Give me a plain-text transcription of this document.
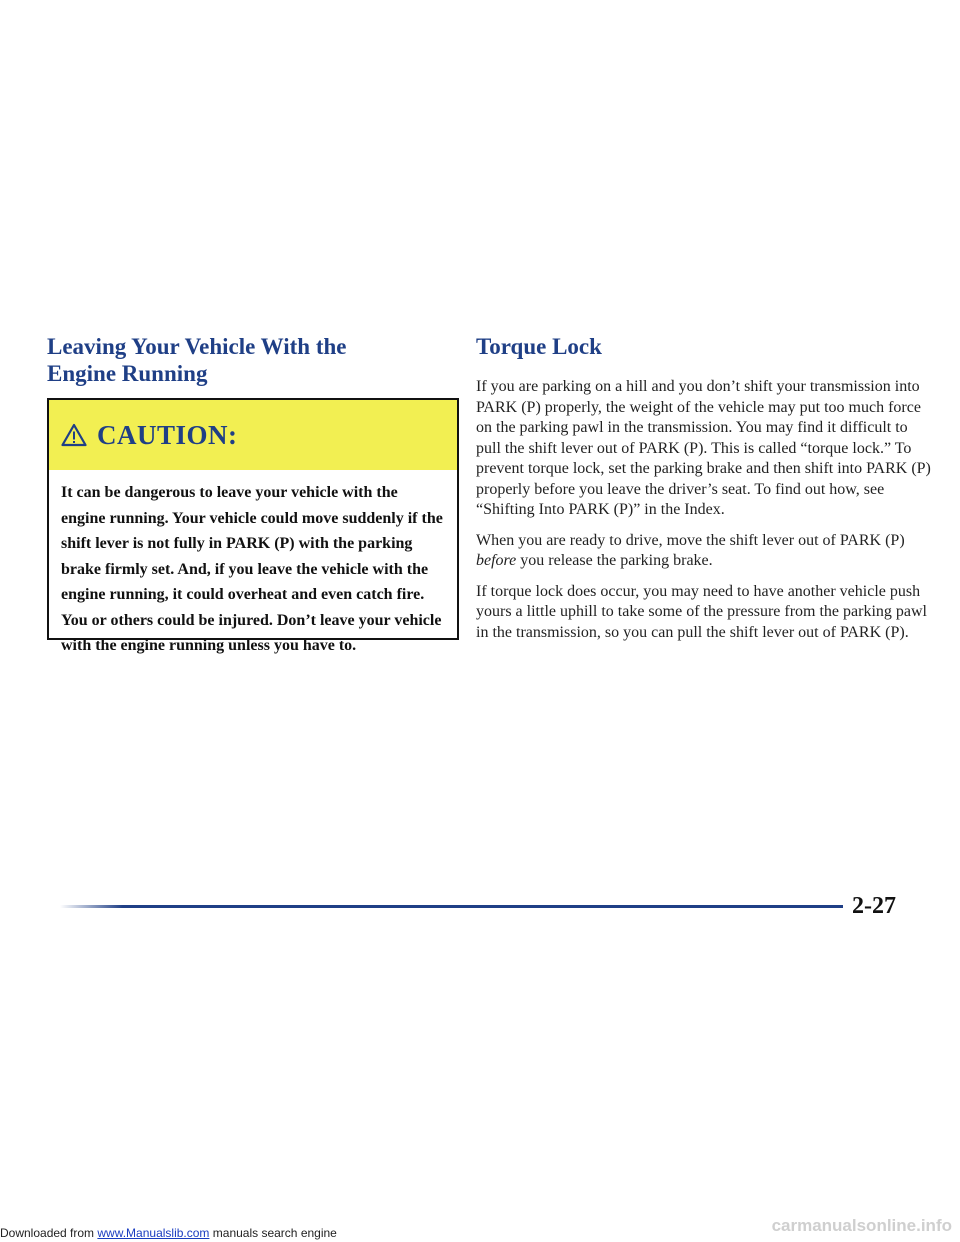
Leaving Your Vehicle With the
Engine Running
CAUTION:
It can be dangerous to leave your vehicle with the engine running. Your vehicle could move suddenly if the shift lever is not fully in PARK (P) with the parking brake firmly set. And, if you leave the vehicle with the engine running, it could overheat and even catch fire. You or others could be injured. Don’t leave your vehicle with the engine running unless you have to.
Torque Lock

If you are parking on a hill and you don’t shift your transmission into PARK (P) properly, the weight of the vehicle may put too much force on the parking pawl in the transmission. You may find it difficult to pull the shift lever out of PARK (P). This is called “torque lock.” To prevent torque lock, set the parking brake and then shift into PARK (P) properly before you leave the driver’s seat. To find out how, see “Shifting Into PARK (P)” in the Index.

When you are ready to drive, move the shift lever out of PARK (P) before you release the parking brake.

If torque lock does occur, you may need to have another vehicle push yours a little uphill to take some of the pressure from the parking pawl in the transmission, so you can pull the shift lever out of PARK (P).

2-27
Downloaded from www.Manualslib.com manuals search engine	carmanualsonline.info
